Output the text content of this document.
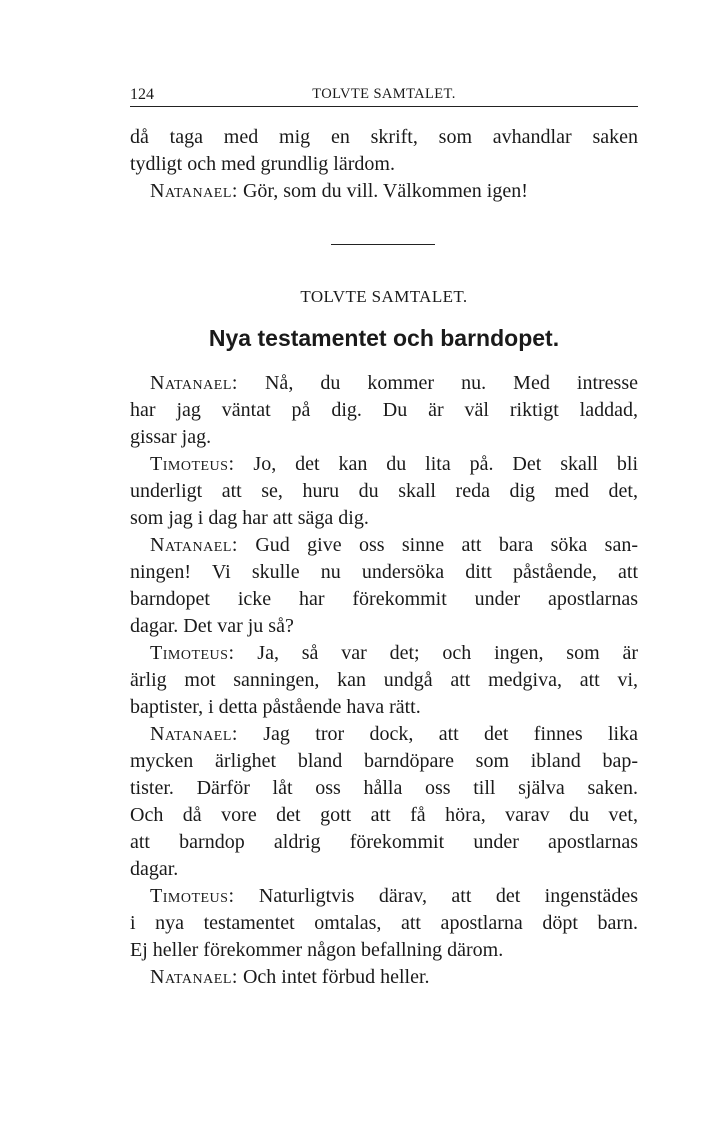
124	TOLVTE SAMTALET.
TOLVTE SAMTALET.
Nya testamentet och barndopet.
då taga med mig en skrift, som avhandlar saken
tydligt och med grundlig lärdom.
Natanael: Gör, som du vill. Välkommen igen!
Natanael: Nå, du kommer nu. Med intresse
har jag väntat på dig. Du är väl riktigt laddad,
gissar jag.
Timoteus: Jo, det kan du lita på. Det skall bli
underligt att se, huru du skall reda dig med det,
som jag i dag har att säga dig.
Natanael: Gud give oss sinne att bara söka san-
ningen! Vi skulle nu undersöka ditt påstående, att
barndopet icke har förekommit under apostlarnas
dagar. Det var ju så?
Timoteus: Ja, så var det; och ingen, som är
ärlig mot sanningen, kan undgå att medgiva, att vi,
baptister, i detta påstående hava rätt.
Natanael: Jag tror dock, att det finnes lika
mycken ärlighet bland barndöpare som ibland bap-
tister. Därför låt oss hålla oss till själva saken.
Och då vore det gott att få höra, varav du vet,
att barndop aldrig förekommit under apostlarnas
dagar.
Timoteus: Naturligtvis därav, att det ingenstädes
i nya testamentet omtalas, att apostlarna döpt barn.
Ej heller förekommer någon befallning därom.
Natanael: Och intet förbud heller.
